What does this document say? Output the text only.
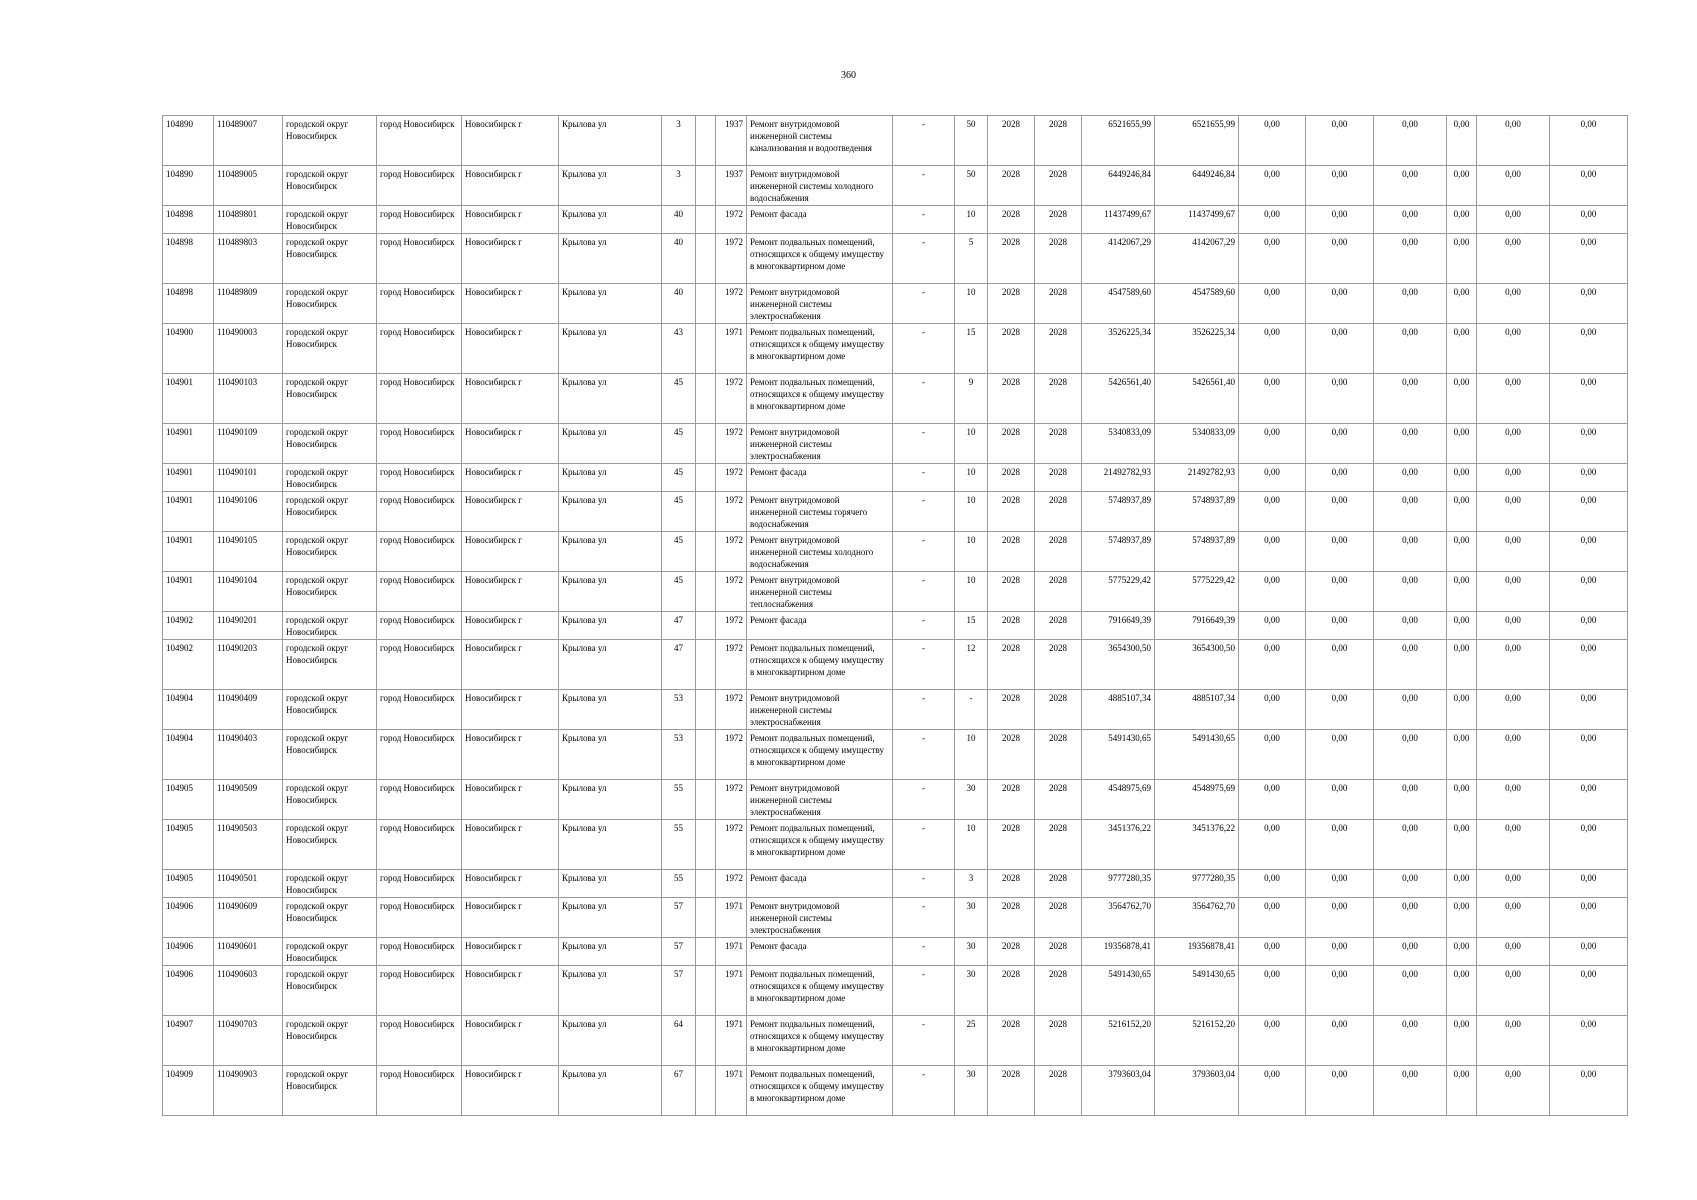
360
104890	110489007	городской округ Новосибирск	город Новосибирск	Новосибирск г	Крылова ул	3		1937	Ремонт внутридомовой инженерной системы канализования и водоотведения	-	50	2028	2028	6521655,99	6521655,99	0,00	0,00	0,00	0,00	0,00	0,00
104890	110489005	городской округ Новосибирск	город Новосибирск	Новосибирск г	Крылова ул	3		1937	Ремонт внутридомовой инженерной системы холодного водоснабжения	-	50	2028	2028	6449246,84	6449246,84	0,00	0,00	0,00	0,00	0,00	0,00
104898	110489801	городской округ Новосибирск	город Новосибирск	Новосибирск г	Крылова ул	40		1972	Ремонт фасада	-	10	2028	2028	11437499,67	11437499,67	0,00	0,00	0,00	0,00	0,00	0,00
104898	110489803	городской округ Новосибирск	город Новосибирск	Новосибирск г	Крылова ул	40		1972	Ремонт подвальных помещений, относящихся к общему имуществу в многоквартирном доме	-	5	2028	2028	4142067,29	4142067,29	0,00	0,00	0,00	0,00	0,00	0,00
104898	110489809	городской округ Новосибирск	город Новосибирск	Новосибирск г	Крылова ул	40		1972	Ремонт внутридомовой инженерной системы электроснабжения	-	10	2028	2028	4547589,60	4547589,60	0,00	0,00	0,00	0,00	0,00	0,00
104900	110490003	городской округ Новосибирск	город Новосибирск	Новосибирск г	Крылова ул	43		1971	Ремонт подвальных помещений, относящихся к общему имуществу в многоквартирном доме	-	15	2028	2028	3526225,34	3526225,34	0,00	0,00	0,00	0,00	0,00	0,00
104901	110490103	городской округ Новосибирск	город Новосибирск	Новосибирск г	Крылова ул	45		1972	Ремонт подвальных помещений, относящихся к общему имуществу в многоквартирном доме	-	9	2028	2028	5426561,40	5426561,40	0,00	0,00	0,00	0,00	0,00	0,00
104901	110490109	городской округ Новосибирск	город Новосибирск	Новосибирск г	Крылова ул	45		1972	Ремонт внутридомовой инженерной системы электроснабжения	-	10	2028	2028	5340833,09	5340833,09	0,00	0,00	0,00	0,00	0,00	0,00
104901	110490101	городской округ Новосибирск	город Новосибирск	Новосибирск г	Крылова ул	45		1972	Ремонт фасада	-	10	2028	2028	21492782,93	21492782,93	0,00	0,00	0,00	0,00	0,00	0,00
104901	110490106	городской округ Новосибирск	город Новосибирск	Новосибирск г	Крылова ул	45		1972	Ремонт внутридомовой инженерной системы горячего водоснабжения	-	10	2028	2028	5748937,89	5748937,89	0,00	0,00	0,00	0,00	0,00	0,00
104901	110490105	городской округ Новосибирск	город Новосибирск	Новосибирск г	Крылова ул	45		1972	Ремонт внутридомовой инженерной системы холодного водоснабжения	-	10	2028	2028	5748937,89	5748937,89	0,00	0,00	0,00	0,00	0,00	0,00
104901	110490104	городской округ Новосибирск	город Новосибирск	Новосибирск г	Крылова ул	45		1972	Ремонт внутридомовой инженерной системы теплоснабжения	-	10	2028	2028	5775229,42	5775229,42	0,00	0,00	0,00	0,00	0,00	0,00
104902	110490201	городской округ Новосибирск	город Новосибирск	Новосибирск г	Крылова ул	47		1972	Ремонт фасада	-	15	2028	2028	7916649,39	7916649,39	0,00	0,00	0,00	0,00	0,00	0,00
104902	110490203	городской округ Новосибирск	город Новосибирск	Новосибирск г	Крылова ул	47		1972	Ремонт подвальных помещений, относящихся к общему имуществу в многоквартирном доме	-	12	2028	2028	3654300,50	3654300,50	0,00	0,00	0,00	0,00	0,00	0,00
104904	110490409	городской округ Новосибирск	город Новосибирск	Новосибирск г	Крылова ул	53		1972	Ремонт внутридомовой инженерной системы электроснабжения	-	-	2028	2028	4885107,34	4885107,34	0,00	0,00	0,00	0,00	0,00	0,00
104904	110490403	городской округ Новосибирск	город Новосибирск	Новосибирск г	Крылова ул	53		1972	Ремонт подвальных помещений, относящихся к общему имуществу в многоквартирном доме	-	10	2028	2028	5491430,65	5491430,65	0,00	0,00	0,00	0,00	0,00	0,00
104905	110490509	городской округ Новосибирск	город Новосибирск	Новосибирск г	Крылова ул	55		1972	Ремонт внутридомовой инженерной системы электроснабжения	-	30	2028	2028	4548975,69	4548975,69	0,00	0,00	0,00	0,00	0,00	0,00
104905	110490503	городской округ Новосибирск	город Новосибирск	Новосибирск г	Крылова ул	55		1972	Ремонт подвальных помещений, относящихся к общему имуществу в многоквартирном доме	-	10	2028	2028	3451376,22	3451376,22	0,00	0,00	0,00	0,00	0,00	0,00
104905	110490501	городской округ Новосибирск	город Новосибирск	Новосибирск г	Крылова ул	55		1972	Ремонт фасада	-	3	2028	2028	9777280,35	9777280,35	0,00	0,00	0,00	0,00	0,00	0,00
104906	110490609	городской округ Новосибирск	город Новосибирск	Новосибирск г	Крылова ул	57		1971	Ремонт внутридомовой инженерной системы электроснабжения	-	30	2028	2028	3564762,70	3564762,70	0,00	0,00	0,00	0,00	0,00	0,00
104906	110490601	городской округ Новосибирск	город Новосибирск	Новосибирск г	Крылова ул	57		1971	Ремонт фасада	-	30	2028	2028	19356878,41	19356878,41	0,00	0,00	0,00	0,00	0,00	0,00
104906	110490603	городской округ Новосибирск	город Новосибирск	Новосибирск г	Крылова ул	57		1971	Ремонт подвальных помещений, относящихся к общему имуществу в многоквартирном доме	-	30	2028	2028	5491430,65	5491430,65	0,00	0,00	0,00	0,00	0,00	0,00
104907	110490703	городской округ Новосибирск	город Новосибирск	Новосибирск г	Крылова ул	64		1971	Ремонт подвальных помещений, относящихся к общему имуществу в многоквартирном доме	-	25	2028	2028	5216152,20	5216152,20	0,00	0,00	0,00	0,00	0,00	0,00
104909	110490903	городской округ Новосибирск	город Новосибирск	Новосибирск г	Крылова ул	67		1971	Ремонт подвальных помещений, относящихся к общему имуществу в многоквартирном доме	-	30	2028	2028	3793603,04	3793603,04	0,00	0,00	0,00	0,00	0,00	0,00
